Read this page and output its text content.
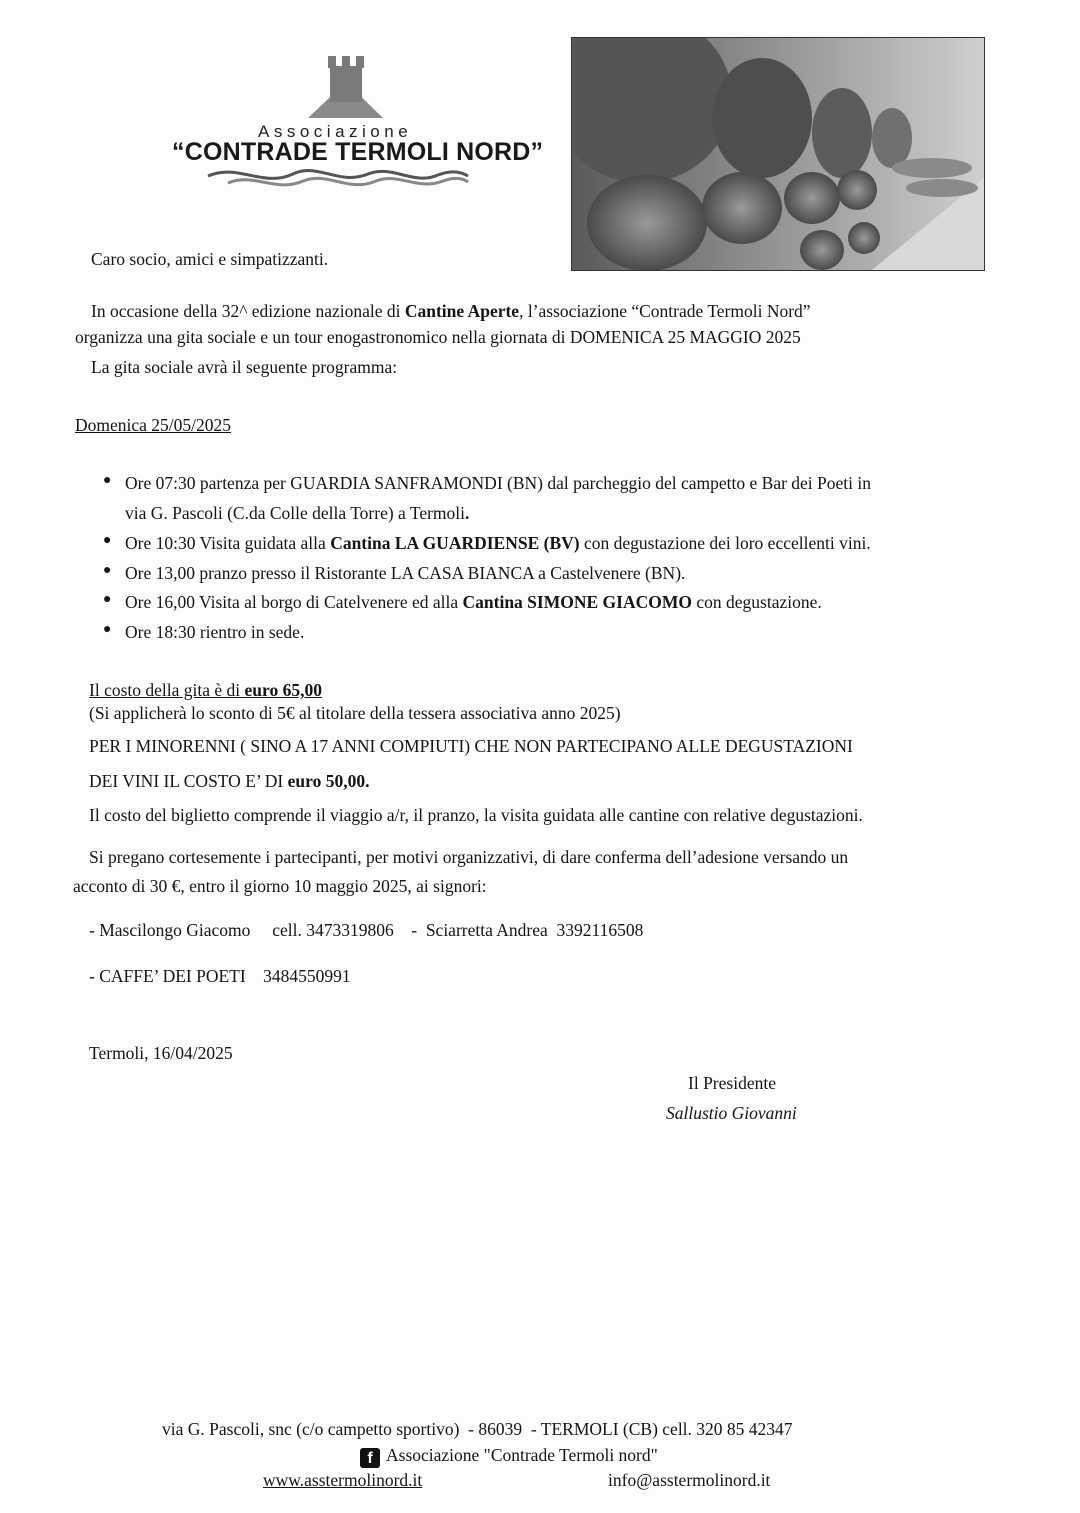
Associazione
“CONTRADE TERMOLI NORD”
Caro socio, amici e simpatizzanti.
In occasione della 32^ edizione nazionale di Cantine Aperte, l’associazione “Contrade Termoli Nord”
organizza una gita sociale e un tour enogastronomico nella giornata di DOMENICA 25 MAGGIO 2025
La gita sociale avrà il seguente programma:
Domenica 25/05/2025
● Ore 07:30 partenza per GUARDIA SANFRAMONDI (BN) dal parcheggio del campetto e Bar dei Poeti in
via G. Pascoli (C.da Colle della Torre) a Termoli.
● Ore 10:30 Visita guidata alla Cantina LA GUARDIENSE (BV) con degustazione dei loro eccellenti vini.
● Ore 13,00 pranzo presso il Ristorante LA CASA BIANCA a Castelvenere (BN).
● Ore 16,00 Visita al borgo di Catelvenere ed alla Cantina SIMONE GIACOMO con degustazione.
● Ore 18:30 rientro in sede.
Il costo della gita è di euro 65,00
(Si applicherà lo sconto di 5€ al titolare della tessera associativa anno 2025)
PER I MINORENNI ( SINO A 17 ANNI COMPIUTI) CHE NON PARTECIPANO ALLE DEGUSTAZIONI
DEI VINI IL COSTO E’ DI euro 50,00.
Il costo del biglietto comprende il viaggio a/r, il pranzo, la visita guidata alle cantine con relative degustazioni.
Si pregano cortesemente i partecipanti, per motivi organizzativi, di dare conferma dell’adesione versando un
acconto di 30 €, entro il giorno 10 maggio 2025, ai signori:
- Mascilongo Giacomo     cell. 3473319806    -  Sciarretta Andrea  3392116508
- CAFFE’ DEI POETI    3484550991
Termoli, 16/04/2025
Il Presidente
Sallustio Giovanni
via G. Pascoli, snc (c/o campetto sportivo)  - 86039  - TERMOLI (CB) cell. 320 85 42347
f Associazione "Contrade Termoli nord"
www.asstermolinord.it	info@asstermolinord.it
